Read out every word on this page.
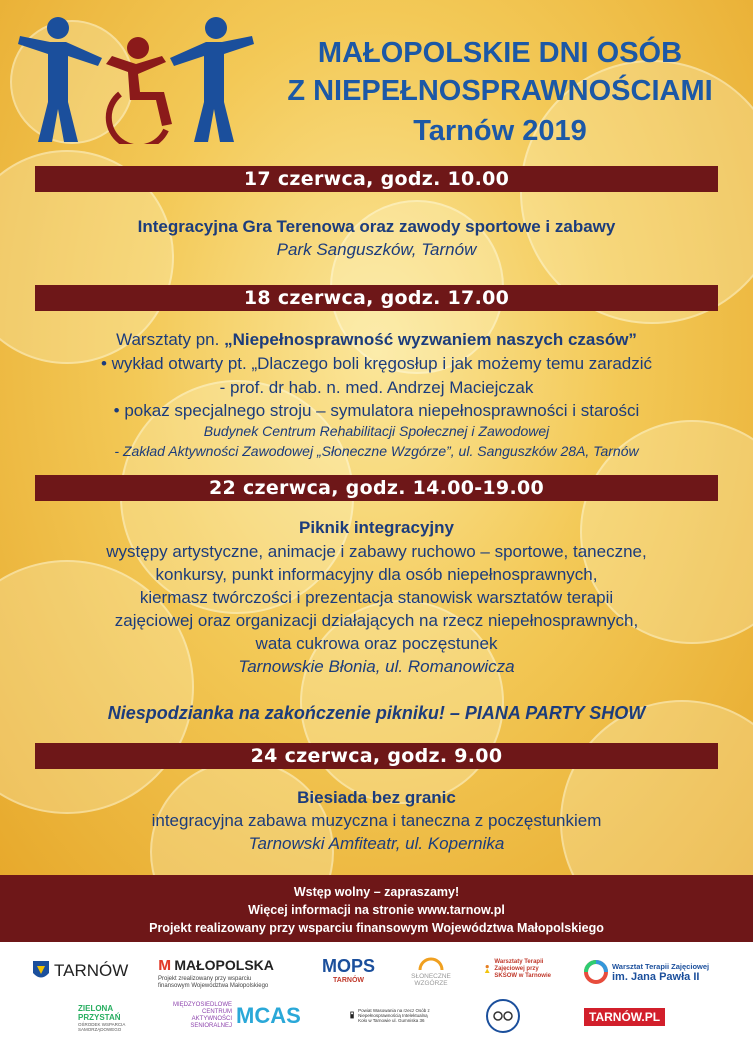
MAŁOPOLSKIE DNI OSÓB
Z NIEPEŁNOSPRAWNOŚCIAMI
Tarnów 2019
17 czerwca, godz. 10.00
Integracyjna Gra Terenowa oraz zawody sportowe i zabawy
Park Sanguszków, Tarnów
18 czerwca, godz. 17.00
Warsztaty pn. „Niepełnosprawność wyzwaniem naszych czasów”
• wykład otwarty pt. „Dlaczego boli kręgosłup i jak możemy temu zaradzić
- prof. dr hab. n. med. Andrzej Maciejczak
• pokaz specjalnego stroju – symulatora niepełnosprawności i starości
Budynek Centrum Rehabilitacji Społecznej i Zawodowej
- Zakład Aktywności Zawodowej „Słoneczne Wzgórze”, ul. Sanguszków 28A, Tarnów
22 czerwca, godz. 14.00-19.00
Piknik integracyjny
występy artystyczne, animacje i zabawy ruchowo – sportowe, taneczne,
konkursy, punkt informacyjny dla osób niepełnosprawnych,
kiermasz twórczości i prezentacja stanowisk warsztatów terapii
zajęciowej oraz organizacji działających na rzecz niepełnosprawnych,
wata cukrowa oraz poczęstunek
Tarnowskie Błonia, ul. Romanowicza
Niespodzianka na zakończenie pikniku! – PIANA PARTY SHOW
24 czerwca, godz. 9.00
Biesiada bez granic
integracyjna zabawa muzyczna i taneczna z poczęstunkiem
Tarnowski Amfiteatr, ul. Kopernika
Wstęp wolny – zapraszamy!
Więcej informacji na stronie www.tarnow.pl
Projekt realizowany przy wsparciu finansowym Województwa Małopolskiego
TARNÓW ᴍ MAŁOPOLSKA
Projekt zrealizowany przy wsparciu finansowym Województwa Małopolskiego
MOPS
TARNÓW
SŁONECZNE WZGÓRZE
Warsztaty Terapii Zajęciowej przy SKSOW w Tarnowie
Warsztat Terapii Zajęciowej
im. Jana Pawła II
ZIELONA PRZYSTAŃ
OŚRODEK WSPARCIA SAMORZĄDOWEGO
MIĘDZYOSIEDLOWE CENTRUM AKTYWNOŚCI SENIORALNEJ MCAS	Powiat Wasowania na rzecz Osób z Niepełnosprawnością Intelektualną Koło w Tarnowie ul. Gumniska 36	TARNÓW.PL
